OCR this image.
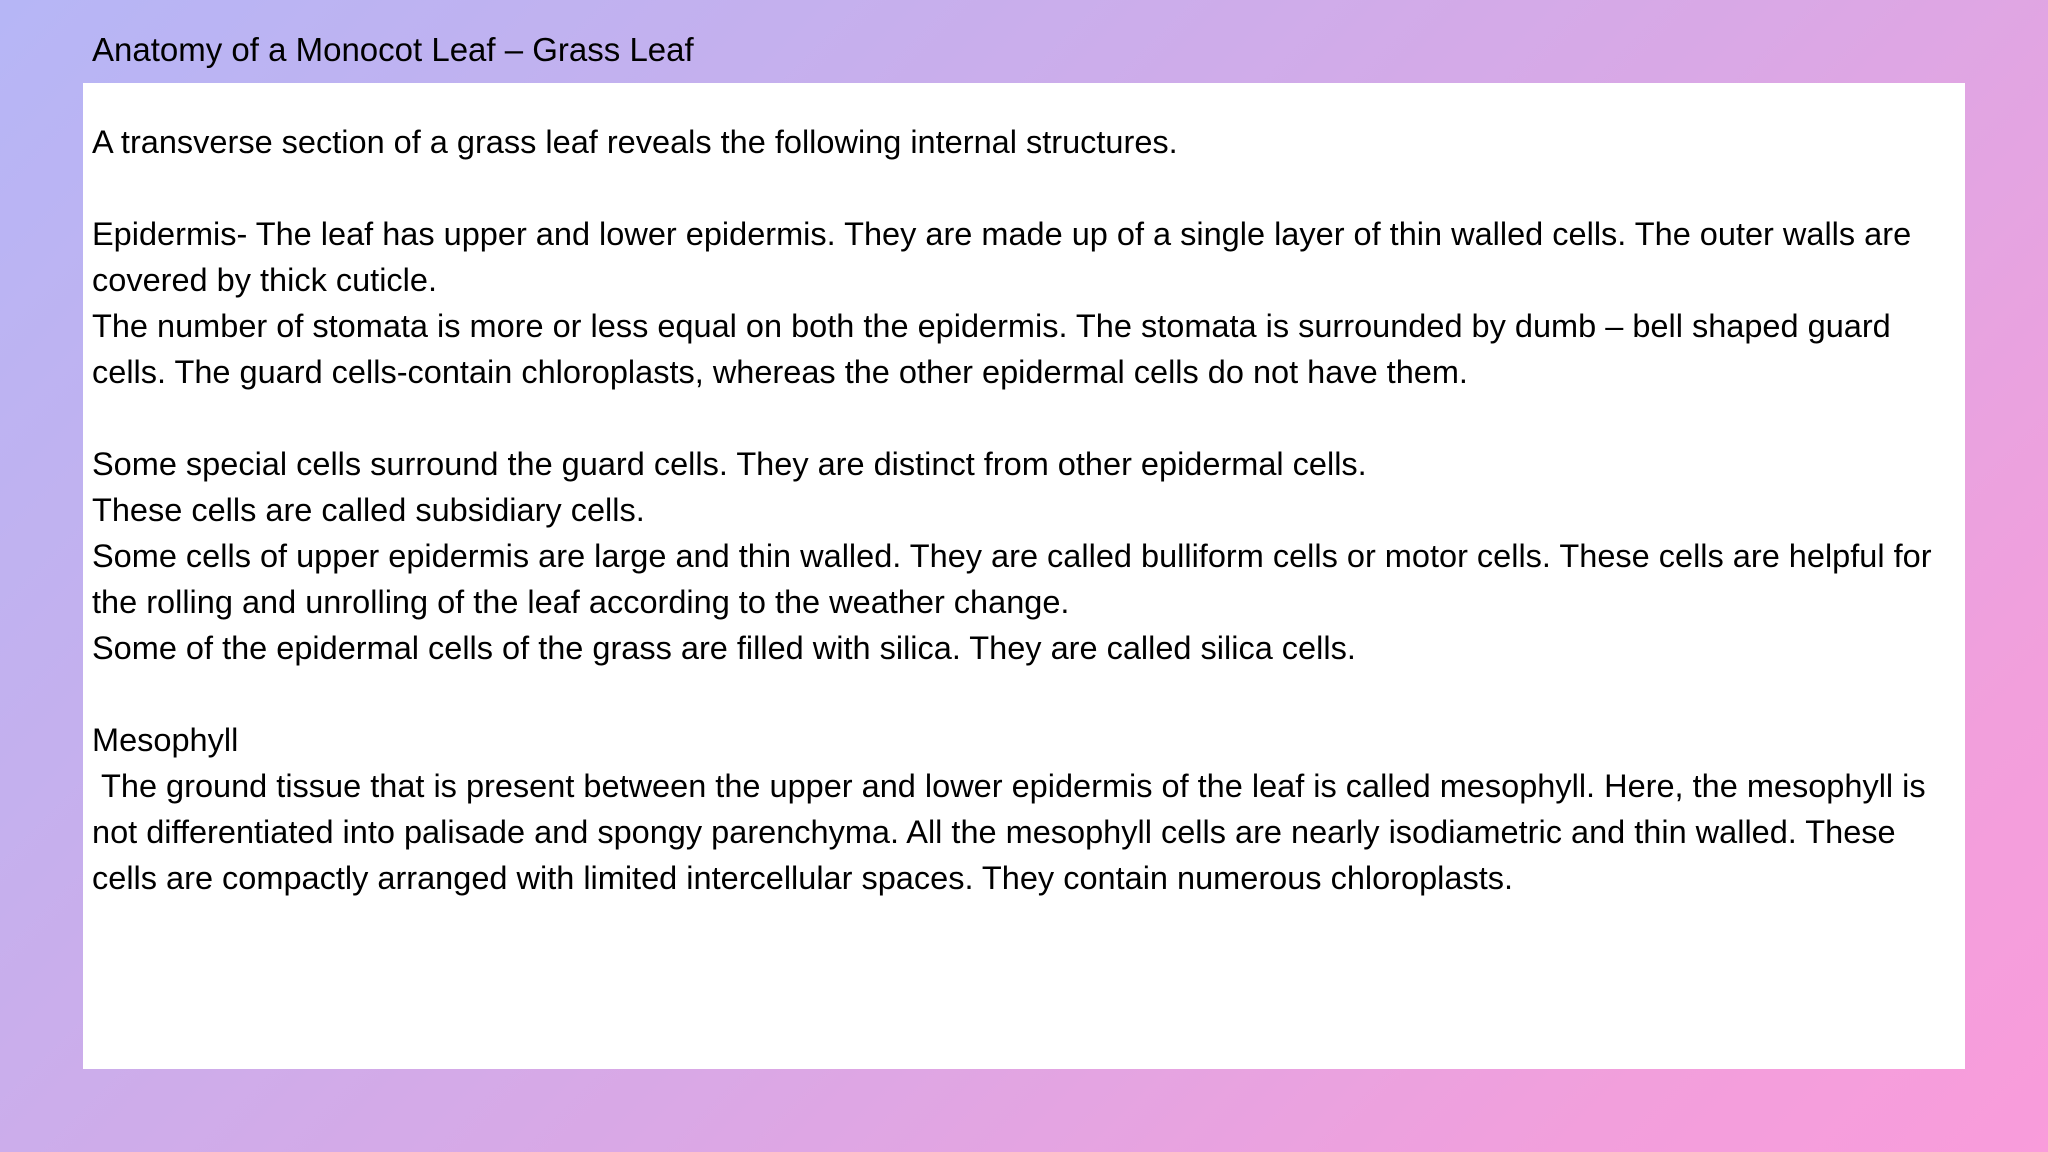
Anatomy of a Monocot Leaf – Grass Leaf

A transverse section of a grass leaf reveals the following internal structures.

Epidermis- The leaf has upper and lower epidermis. They are made up of a single layer of thin walled cells. The outer walls are covered by thick cuticle.

The number of stomata is more or less equal on both the epidermis. The stomata is surrounded by dumb – bell shaped guard cells. The guard cells-contain chloroplasts, whereas the other epidermal cells do not have them.

Some special cells surround the guard cells. They are distinct from other epidermal cells.

These cells are called subsidiary cells.

Some cells of upper epidermis are large and thin walled. They are called bulliform cells or motor cells. These cells are helpful for the rolling and unrolling of the leaf according to the weather change.

Some of the epidermal cells of the grass are filled with silica. They are called silica cells.

Mesophyll

The ground tissue that is present between the upper and lower epidermis of the leaf is called mesophyll. Here, the mesophyll is not differentiated into palisade and spongy parenchyma. All the mesophyll cells are nearly isodiametric and thin walled. These cells are compactly arranged with limited intercellular spaces. They contain numerous chloroplasts.
